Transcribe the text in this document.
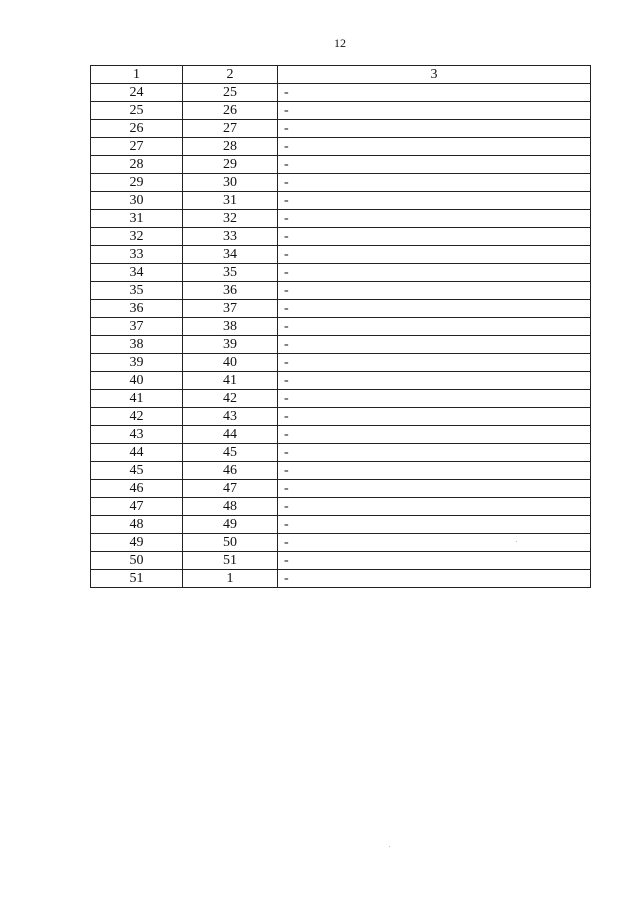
12
1	2	3
24	25	-
25	26	-
26	27	-
27	28	-
28	29	-
29	30	-
30	31	-
31	32	-
32	33	-
33	34	-
34	35	-
35	36	-
36	37	-
37	38	-
38	39	-
39	40	-
40	41	-
41	42	-
42	43	-
43	44	-
44	45	-
45	46	-
46	47	-
47	48	-
48	49	-
49	50	-
50	51	-
51	1	-
